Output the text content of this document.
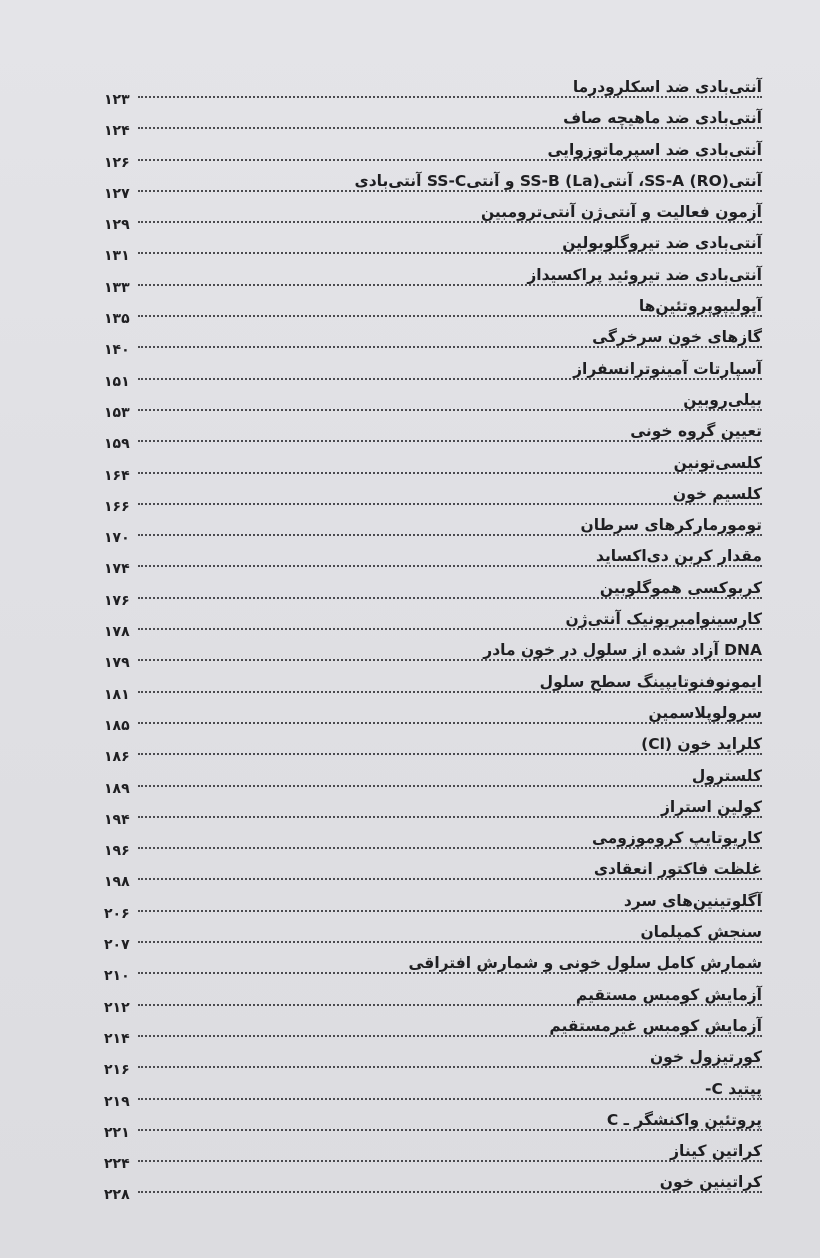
آنتی‌بادی ضد اسکلرودرما
۱۲۳
آنتی‌بادی ضد ماهیچه صاف
۱۲۴
آنتی‌بادی ضد اسپرماتوزوایی
۱۲۶
آنتیSS-A (RO)، آنتیSS-B (La) و آنتیSS-C آنتی‌بادی
۱۲۷
آزمون فعالیت و آنتی‌ژن آنتی‌ترومبین
۱۲۹
آنتی‌بادی ضد تیروگلوبولین
۱۳۱
آنتی‌بادی ضد تیروئید پراکسیداز
۱۳۳
آپولیپوپروتئین‌ها
۱۳۵
گازهای خون سرخرگی
۱۴۰
آسپارتات آمینوترانسفراز
۱۵۱
بیلی‌روبین
۱۵۳
تعیین گروه خونی
۱۵۹
کلسی‌تونین
۱۶۴
کلسیم خون
۱۶۶
تومورمارکرهای سرطان
۱۷۰
مقدار کربن دی‌اکساید
۱۷۴
کربوکسی هموگلوبین
۱۷۶
کارسینوامبریونیک آنتی‌ژن
۱۷۸
DNA آزاد شده از سلول در خون مادر
۱۷۹
ایمونوفنوتایپینگ سطح سلول
۱۸۱
سرولوپلاسمین
۱۸۵
کلراید خون (Cl)
۱۸۶
کلسترول
۱۸۹
کولین استراز
۱۹۴
کاریوتایپ کروموزومی
۱۹۶
غلظت فاکتور انعقادی
۱۹۸
آگلوتینین‌های سرد
۲۰۶
سنجش کمپلمان
۲۰۷
شمارش کامل سلول خونی و شمارش افتراقی
۲۱۰
آزمایش کومبس مستقیم
۲۱۲
آزمایش کومبس غیرمستقیم
۲۱۴
کورتیزول خون
۲۱۶
پپتید C-
۲۱۹
پروتئین واکنشگر ـ C
۲۲۱
کراتین کیناز
۲۲۴
کراتینین خون
۲۲۸
